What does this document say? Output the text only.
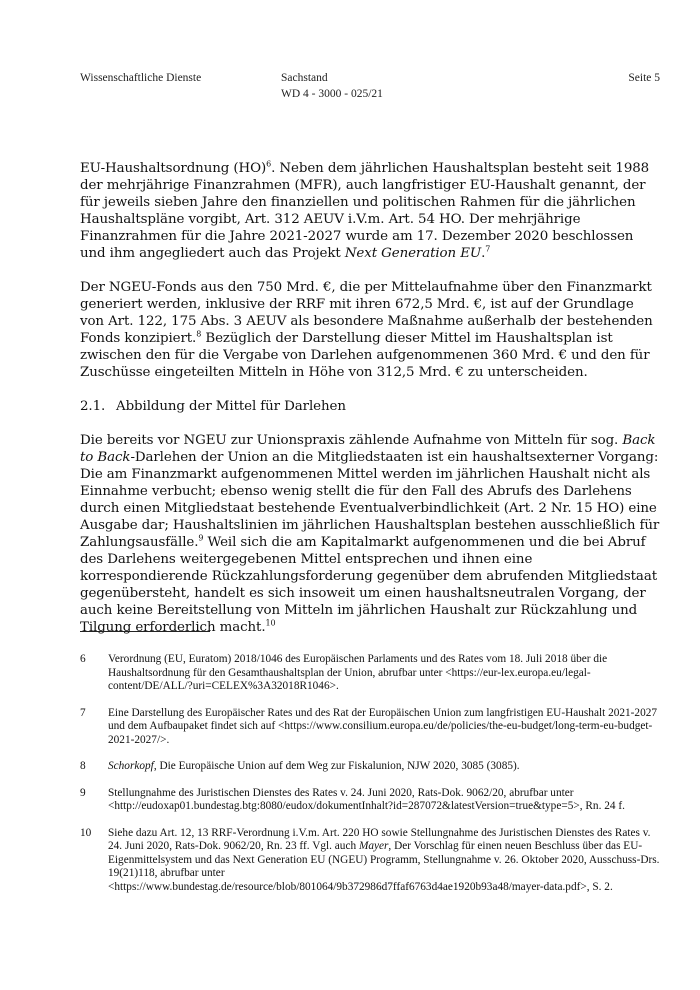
Wissenschaftliche Dienste	Sachstand
WD 4 - 3000 - 025/21
Seite 5

EU-Haushaltsordnung (HO)$^6$. Neben dem jährlichen Haushaltsplan besteht seit 1988 der mehrjährige Finanzrahmen (MFR), auch langfristiger EU-Haushalt genannt, der für jeweils sieben Jahre den finanziellen und politischen Rahmen für die jährlichen Haushaltspläne vorgibt, Art. 312 AEUV i.V.m. Art. 54 HO. Der mehrjährige Finanzrahmen für die Jahre 2021-2027 wurde am 17. Dezember 2020 beschlossen und ihm angegliedert auch das Projekt Next Generation EU.$^7$

Der NGEU-Fonds aus den 750 Mrd. €, die per Mittelaufnahme über den Finanzmarkt generiert werden, inklusive der RRF mit ihren 672,5 Mrd. €, ist auf der Grundlage von Art. 122, 175 Abs. 3 AEUV als besondere Maßnahme außerhalb der bestehenden Fonds konzipiert.$^8$ Bezüglich der Darstellung dieser Mittel im Haushaltsplan ist zwischen den für die Vergabe von Darlehen aufgenommenen 360 Mrd. € und den für Zuschüsse eingeteilten Mitteln in Höhe von 312,5 Mrd. € zu unterscheiden.

2.1. Abbildung der Mittel für Darlehen

Die bereits vor NGEU zur Unionspraxis zählende Aufnahme von Mitteln für sog. Back to Back-Darlehen der Union an die Mitgliedstaaten ist ein haushaltsexterner Vorgang: Die am Finanzmarkt aufgenommenen Mittel werden im jährlichen Haushalt nicht als Einnahme verbucht; ebenso wenig stellt die für den Fall des Abrufs des Darlehens durch einen Mitgliedstaat bestehende Eventualverbindlichkeit (Art. 2 Nr. 15 HO) eine Ausgabe dar; Haushaltslinien im jährlichen Haushaltsplan bestehen ausschließlich für Zahlungsausfälle.$^9$ Weil sich die am Kapitalmarkt aufgenommenen und die bei Abruf des Darlehens weitergegebenen Mittel entsprechen und ihnen eine korrespondierende Rückzahlungsforderung gegenüber dem abrufenden Mitgliedstaat gegenübersteht, handelt es sich insoweit um einen haushaltsneutralen Vorgang, der auch keine Bereitstellung von Mitteln im jährlichen Haushalt zur Rückzahlung und Tilgung erforderlich macht.$^{10}$

6	Verordnung (EU, Euratom) 2018/1046 des Europäischen Parlaments und des Rates vom 18. Juli 2018 über die Haushaltsordnung für den Gesamthaushaltsplan der Union, abrufbar unter <https://eur-lex.europa.eu/legal-content/DE/ALL/?uri=CELEX%3A32018R1046>.
7	Eine Darstellung des Europäischer Rates und des Rat der Europäischen Union zum langfristigen EU-Haushalt 2021-2027 und dem Aufbaupaket findet sich auf <https://www.consilium.europa.eu/de/policies/the-eu-budget/long-term-eu-budget-2021-2027/>.
8	Schorkopf, Die Europäische Union auf dem Weg zur Fiskalunion, NJW 2020, 3085 (3085).
9	Stellungnahme des Juristischen Dienstes des Rates v. 24. Juni 2020, Rats-Dok. 9062/20, abrufbar unter <http://eudoxap01.bundestag.btg:8080/eudox/dokumentInhalt?id=287072&latestVersion=true&type=5>, Rn. 24 f.
10	Siehe dazu Art. 12, 13 RRF-Verordnung i.V.m. Art. 220 HO sowie Stellungnahme des Juristischen Dienstes des Rates v. 24. Juni 2020, Rats-Dok. 9062/20, Rn. 23 ff. Vgl. auch Mayer, Der Vorschlag für einen neuen Beschluss über das EU-Eigenmittelsystem und das Next Generation EU (NGEU) Programm, Stellungnahme v. 26. Oktober 2020, Ausschuss-Drs. 19(21)118, abrufbar unter <https://www.bundestag.de/resource/blob/801064/9b372986d7ffaf6763d4ae1920b93a48/mayer-data.pdf>, S. 2.
